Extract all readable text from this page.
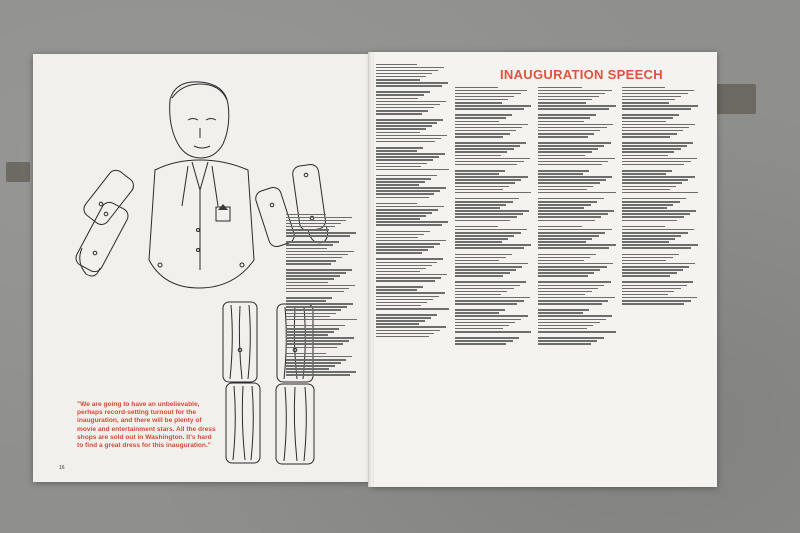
INAUGURATION SPEECH
"We are going to have an unbelievable, perhaps record-setting turnout for the inauguration, and there will be plenty of movie and entertainment stars. All the dress shops are sold out in Washington. It's hard to find a great dress for this inauguration."
16
